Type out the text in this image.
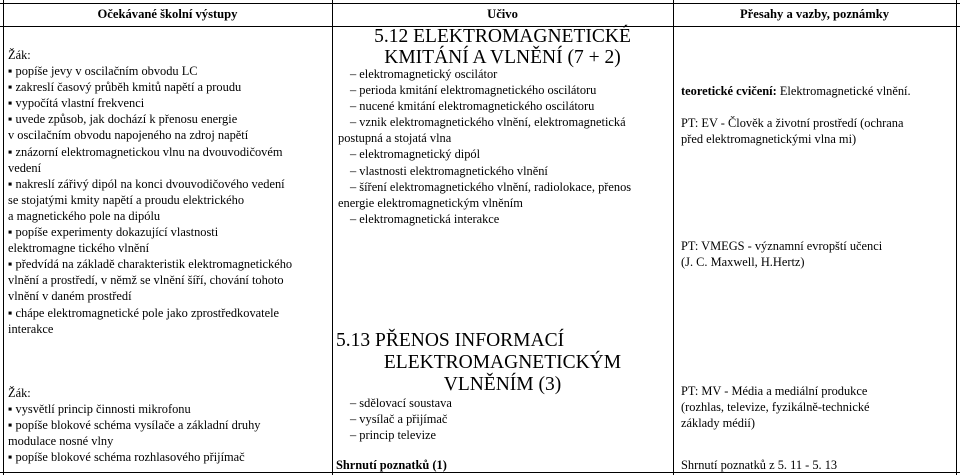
Očekávané školní výstupy	Učivo	Přesahy a vazby, poznámky
Žák:
▪ popíše jevy v oscilačním obvodu LC
▪ zakreslí časový průběh kmitů napětí a proudu
▪ vypočítá vlastní frekvenci
▪ uvede způsob, jak dochází k přenosu energie
v oscilačním obvodu napojeného na zdroj napětí
▪ znázorní elektromagnetickou vlnu na dvouvodičovém
vedení
▪ nakreslí zářivý dipól na konci dvouvodičového vedení
se stojatými kmity napětí a proudu elektrického
a magnetického pole na dipólu
▪ popíše experimenty dokazující vlastnosti
elektromagne tického vlnění
▪ předvídá na základě charakteristik elektromagnetického
vlnění a prostředí, v němž se vlnění šíří, chování tohoto
vlnění v daném prostředí
▪ chápe elektromagnetické pole jako zprostředkovatele
interakce
Žák:
▪ vysvětlí princip činnosti mikrofonu
▪ popíše blokové schéma vysílače a základní druhy
modulace nosné vlny
▪ popíše blokové schéma rozhlasového přijímač
5.12 ELEKTROMAGNETICKÉ
KMITÁNÍ A VLNĚNÍ (7 + 2)
– elektromagnetický oscilátor
– perioda kmitání elektromagnetického oscilátoru
– nucené kmitání elektromagnetického oscilátoru
– vznik elektromagnetického vlnění, elektromagnetická
postupná a stojatá vlna
– elektromagnetický dipól
– vlastnosti elektromagnetického vlnění
– šíření elektromagnetického vlnění, radiolokace, přenos
energie elektromagnetickým vlněním
– elektromagnetická interakce
5.13 PŘENOS INFORMACÍ
ELEKTROMAGNETICKÝM
VLNĚNÍM (3)
– sdělovací soustava
– vysílač a přijímač
– princip televize
Shrnutí poznatků (1)
teoretické cvičení: Elektromagnetické vlnění.
PT: EV - Člověk a životní prostředí (ochrana
před elektromagnetickými vlna mi)
PT: VMEGS - významní evropští učenci
(J. C. Maxwell, H.Hertz)
PT: MV - Média a mediální produkce
(rozhlas, televize, fyzikálně-technické
základy médií)
Shrnutí poznatků z 5. 11 - 5. 13
